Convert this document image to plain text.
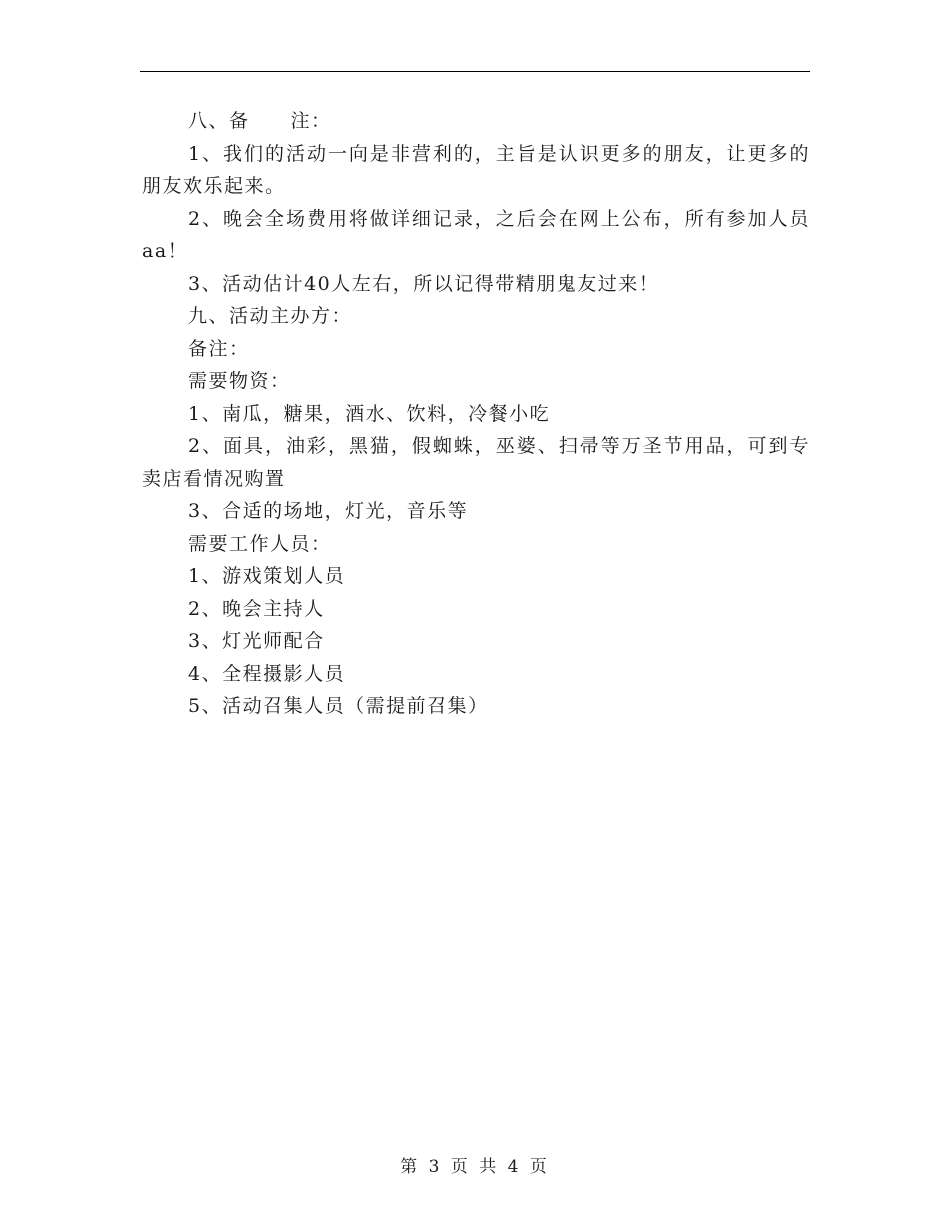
八、备　　注：

1、我们的活动一向是非营利的，主旨是认识更多的朋友，让更多的朋友欢乐起来。

2、晚会全场费用将做详细记录，之后会在网上公布，所有参加人员aa！

3、活动估计40人左右，所以记得带精朋鬼友过来！

九、活动主办方：

备注：

需要物资：

1、南瓜，糖果，酒水、饮料，冷餐小吃

2、面具，油彩，黑猫，假蜘蛛，巫婆、扫帚等万圣节用品，可到专卖店看情况购置

3、合适的场地，灯光，音乐等

需要工作人员：

1、游戏策划人员

2、晚会主持人

3、灯光师配合

4、全程摄影人员

5、活动召集人员（需提前召集）

第 3 页 共 4 页
